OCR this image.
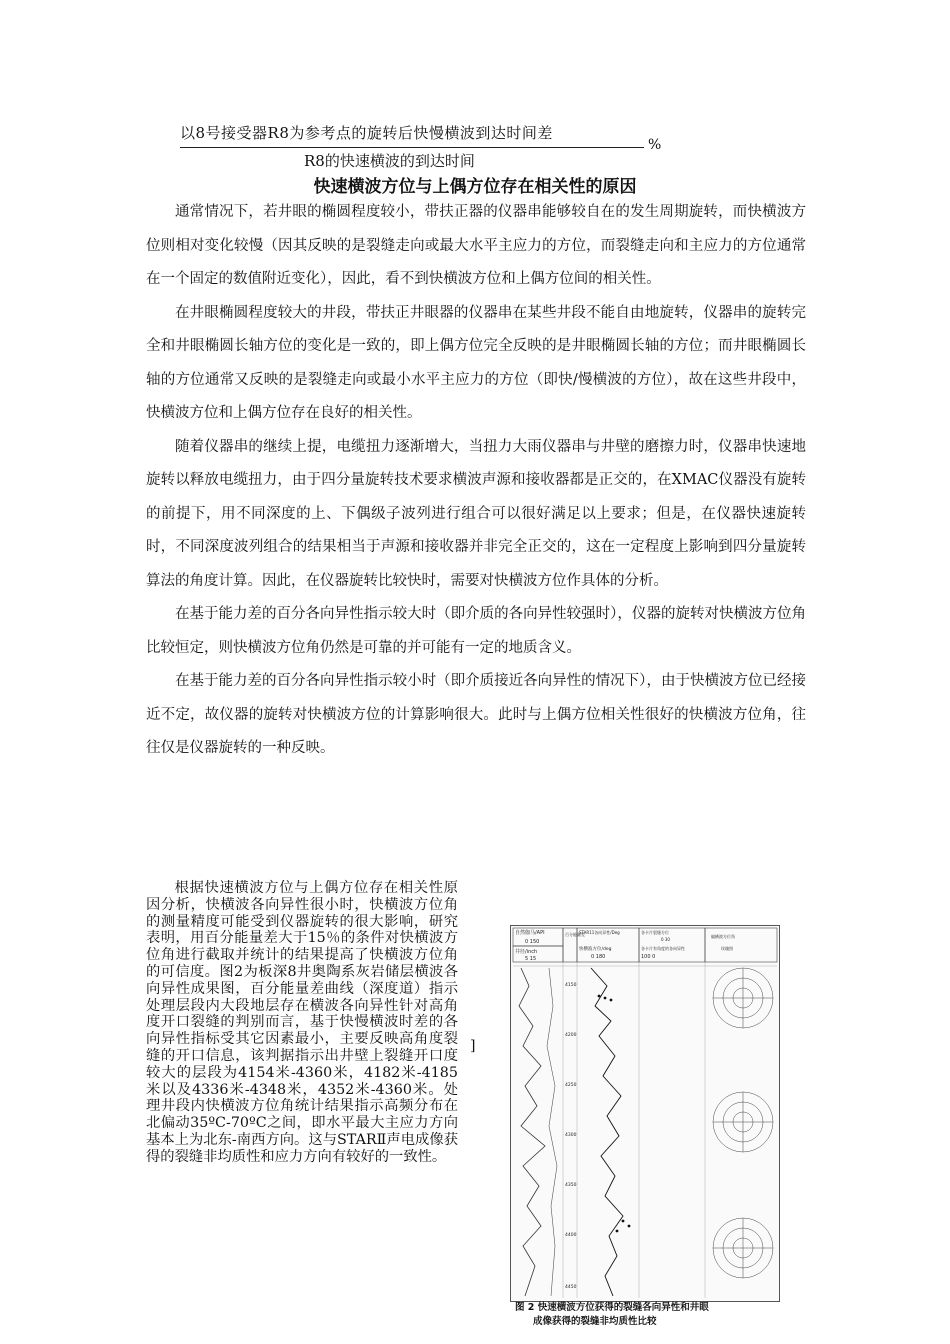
以8号接受器R8为参考点的旋转后快慢横波到达时间差
R8的快速横波的到达时间
%
快速横波方位与上偶方位存在相关性的原因

通常情况下，若井眼的椭圆程度较小，带扶正器的仪器串能够较自在的发生周期旋转，而快横波方位则相对变化较慢（因其反映的是裂缝走向或最大水平主应力的方位，而裂缝走向和主应力的方位通常在一个固定的数值附近变化），因此，看不到快横波方位和上偶方位间的相关性。

在井眼椭圆程度较大的井段，带扶正井眼器的仪器串在某些井段不能自由地旋转，仪器串的旋转完全和井眼椭圆长轴方位的变化是一致的，即上偶方位完全反映的是井眼椭圆长轴的方位；而井眼椭圆长轴的方位通常又反映的是裂缝走向或最小水平主应力的方位（即快/慢横波的方位），故在这些井段中，快横波方位和上偶方位存在良好的相关性。

随着仪器串的继续上提，电缆扭力逐渐增大，当扭力大雨仪器串与井壁的磨擦力时，仪器串快速地旋转以释放电缆扭力，由于四分量旋转技术要求横波声源和接收器都是正交的，在XMAC仪器没有旋转的前提下，用不同深度的上、下偶级子波列进行组合可以很好满足以上要求；但是，在仪器快速旋转时，不同深度波列组合的结果相当于声源和接收器并非完全正交的，这在一定程度上影响到四分量旋转算法的角度计算。因此，在仪器旋转比较快时，需要对快横波方位作具体的分析。

在基于能力差的百分各向异性指示较大时（即介质的各向异性较强时），仪器的旋转对快横波方位角比较恒定，则快横波方位角仍然是可靠的并可能有一定的地质含义。

在基于能力差的百分各向异性指示较小时（即介质接近各向异性的情况下），由于快横波方位已经接近不定，故仪器的旋转对快横波方位的计算影响很大。此时与上偶方位相关性很好的快横波方位角，往往仅是仪器旋转的一种反映。

根据快速横波方位与上偶方位存在相关性原因分析，快横波各向异性很小时，快横波方位角的测量精度可能受到仪器旋转的很大影响，研究表明，用百分能量差大于15％的条件对快横波方位角进行截取并统计的结果提高了快横波方位角的可信度。图2为板深8井奥陶系灰岩储层横波各向异性成果图，百分能量差曲线（深度道）指示处理层段内大段地层存在横波各向异性针对高角度开口裂缝的判别而言，基于快慢横波时差的各向异性指标受其它因素最小，主要反映高角度裂缝的开口信息，该判据指示出井壁上裂缝开口度较大的层段为4154米-4360米，4182米-4185米以及4336米-4348米，4352米-4360米。处理井段内快横波方位角统计结果指示高频分布在北偏动35ºC-70ºC之间，即水平最大主应力方向基本上为北东-南西方向。这与STARⅡ声电成像获得的裂缝非均质性和应力方向有较好的一致性。

]
自然伽马/API
0 150
井径/inch
5 15
百分能量差
STAR11各向异性/Deg
快横波方位/deg
0 180
各卡片裂缝方位
0 30
各卡片有角度的各向异性
100 0
偏横波方位角
玫瑰图
4150
4200
4250
4300
4350
4400
4450
图 2 快速横波方位获得的裂缝各向异性和井眼
成像获得的裂缝非均质性比较
